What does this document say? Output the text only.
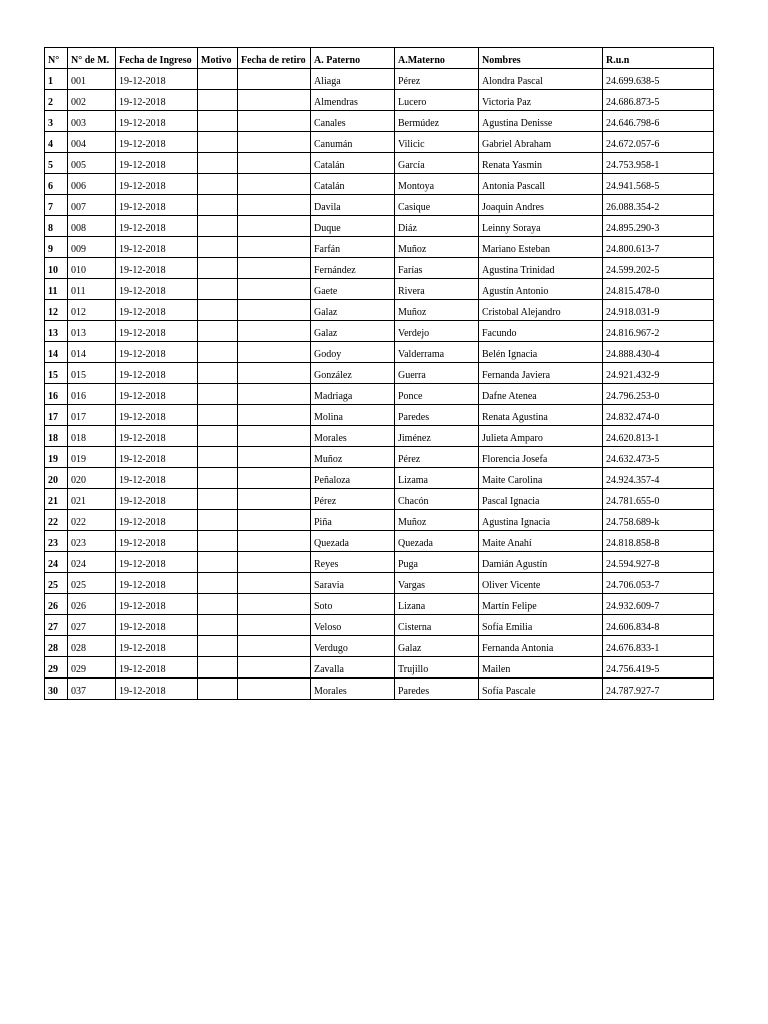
N°	N° de M.	Fecha de Ingreso	Motivo	Fecha de retiro	A. Paterno	A.Materno	Nombres	R.u.n
1	001	19-12-2018			Aliaga	Pérez	Alondra Pascal	24.699.638-5
2	002	19-12-2018			Almendras	Lucero	Victoria Paz	24.686.873-5
3	003	19-12-2018			Canales	Bermúdez	Agustina Denisse	24.646.798-6
4	004	19-12-2018			Canumán	Vilicic	Gabriel Abraham	24.672.057-6
5	005	19-12-2018			Catalán	García	Renata Yasmin	24.753.958-1
6	006	19-12-2018			Catalán	Montoya	Antonia Pascall	24.941.568-5
7	007	19-12-2018			Davila	Casique	Joaquin Andres	26.088.354-2
8	008	19-12-2018			Duque	Diáz	Leinny Soraya	24.895.290-3
9	009	19-12-2018			Farfán	Muñoz	Mariano Esteban	24.800.613-7
10	010	19-12-2018			Fernández	Farías	Agustina Trinidad	24.599.202-5
11	011	19-12-2018			Gaete	Rivera	Agustín Antonio	24.815.478-0
12	012	19-12-2018			Galaz	Muñoz	Cristobal Alejandro	24.918.031-9
13	013	19-12-2018			Galaz	Verdejo	Facundo	24.816.967-2
14	014	19-12-2018			Godoy	Valderrama	Belén Ignacia	24.888.430-4
15	015	19-12-2018			González	Guerra	Fernanda Javiera	24.921.432-9
16	016	19-12-2018			Madriaga	Ponce	Dafne Atenea	24.796.253-0
17	017	19-12-2018			Molina	Paredes	Renata Agustina	24.832.474-0
18	018	19-12-2018			Morales	Jiménez	Julieta Amparo	24.620.813-1
19	019	19-12-2018			Muñoz	Pérez	Florencia Josefa	24.632.473-5
20	020	19-12-2018			Peñaloza	Lizama	Maite Carolina	24.924.357-4
21	021	19-12-2018			Pérez	Chacón	Pascal Ignacia	24.781.655-0
22	022	19-12-2018			Piña	Muñoz	Agustina Ignacia	24.758.689-k
23	023	19-12-2018			Quezada	Quezada	Maite Anahí	24.818.858-8
24	024	19-12-2018			Reyes	Puga	Damián Agustín	24.594.927-8
25	025	19-12-2018			Saravia	Vargas	Oliver Vicente	24.706.053-7
26	026	19-12-2018			Soto	Lizana	Martín Felipe	24.932.609-7
27	027	19-12-2018			Veloso	Cisterna	Sofía Emilia	24.606.834-8
28	028	19-12-2018			Verdugo	Galaz	Fernanda Antonia	24.676.833-1
29	029	19-12-2018			Zavalla	Trujillo	Mailen	24.756.419-5
30	037	19-12-2018			Morales	Paredes	Sofía Pascale	24.787.927-7
